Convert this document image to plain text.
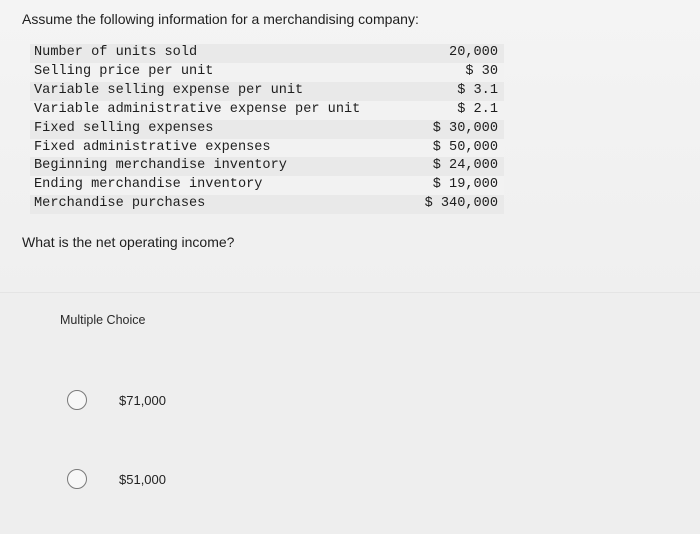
Assume the following information for a merchandising company:
Number of units sold	20,000
Selling price per unit	$ 30
Variable selling expense per unit	$ 3.1
Variable administrative expense per unit	$ 2.1
Fixed selling expenses	$ 30,000
Fixed administrative expenses	$ 50,000
Beginning merchandise inventory	$ 24,000
Ending merchandise inventory	$ 19,000
Merchandise purchases	$ 340,000
What is the net operating income?
Multiple Choice
$71,000
$51,000
